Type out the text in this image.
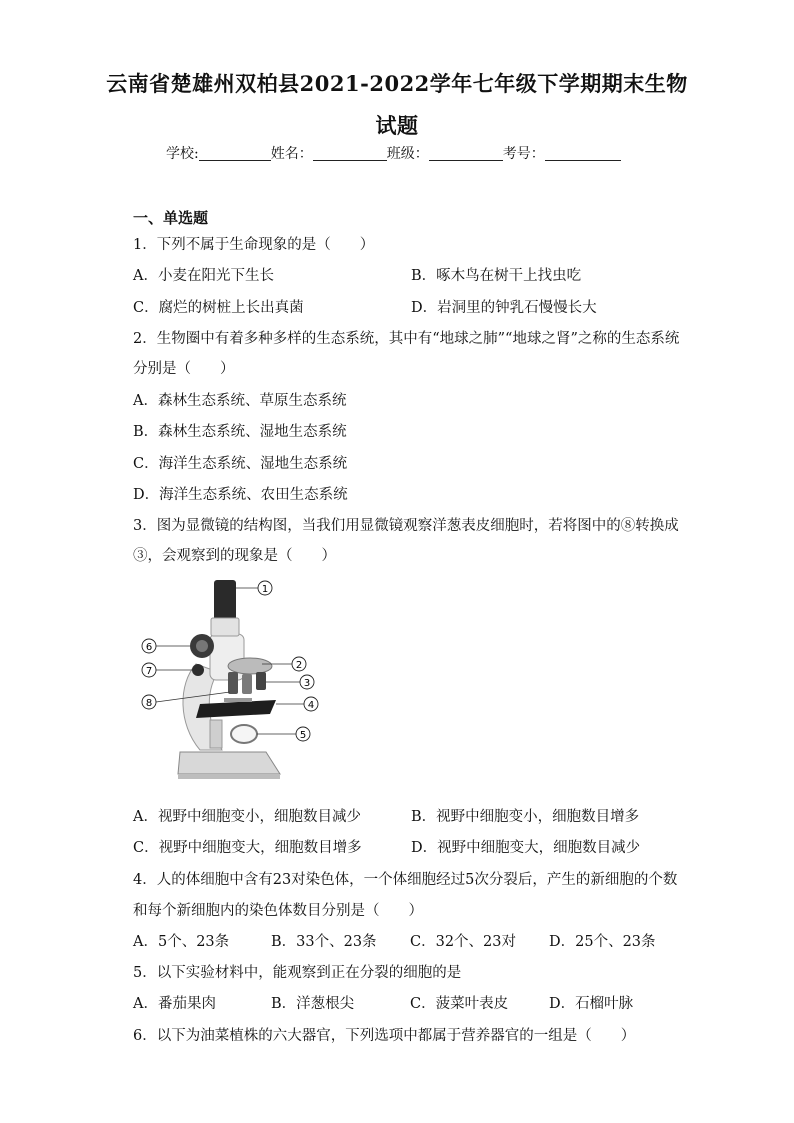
云南省楚雄州双柏县2021-2022学年七年级下学期期末生物
试题
学校:	姓名：	班级：	考号：
一、单选题
1．下列不属于生命现象的是（　　）
A．小麦在阳光下生长	B．啄木鸟在树干上找虫吃
C．腐烂的树桩上长出真菌	D．岩洞里的钟乳石慢慢长大
2．生物圈中有着多种多样的生态系统，其中有“地球之肺”“地球之肾”之称的生态系统
分别是（　　）
A．森林生态系统、草原生态系统
B．森林生态系统、湿地生态系统
C．海洋生态系统、湿地生态系统
D．海洋生态系统、农田生态系统
3．图为显微镜的结构图，当我们用显微镜观察洋葱表皮细胞时，若将图中的⑧转换成
③，会观察到的现象是（　　）
1
2
3
4
5
6
7
8
A．视野中细胞变小，细胞数目减少	B．视野中细胞变小，细胞数目增多
C．视野中细胞变大，细胞数目增多	D．视野中细胞变大，细胞数目减少
4．人的体细胞中含有23对染色体，一个体细胞经过5次分裂后，产生的新细胞的个数
和每个新细胞内的染色体数目分别是（　　）
A．5个、23条	B．33个、23条 C．32个、23对 D．25个、23条
5．以下实验材料中，能观察到正在分裂的细胞的是
A．番茄果肉	B．洋葱根尖	C．菠菜叶表皮	D．石榴叶脉
6．以下为油菜植株的六大器官，下列选项中都属于营养器官的一组是（　　）
